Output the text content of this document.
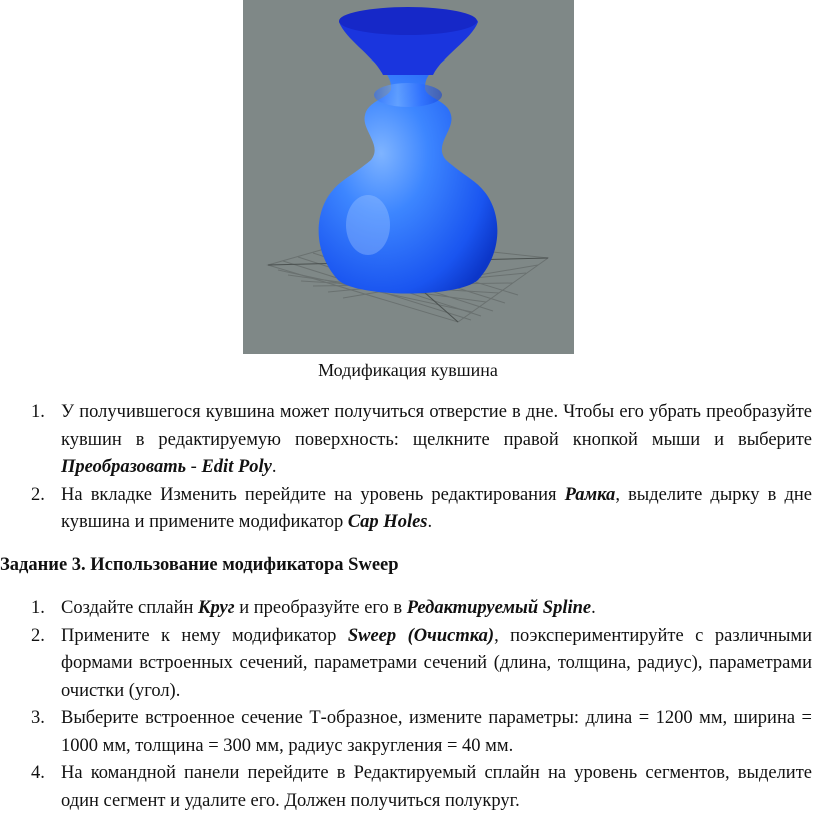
Модификация кувшина
1. У получившегося кувшина может получиться отверстие в дне. Чтобы его убрать преобразуйте кувшин в редактируемую поверхность: щелкните правой кнопкой мыши и выберите Преобразовать - Edit Poly.
2. На вкладке Изменить перейдите на уровень редактирования Рамка, выделите дырку в дне кувшина и примените модификатор Cap Holes.
Задание 3. Использование модификатора Sweep
1. Создайте сплайн Круг и преобразуйте его в Редактируемый Spline.
2. Примените к нему модификатор Sweep (Очистка), поэкспериментируйте с различными формами встроенных сечений, параметрами сечений (длина, толщина, радиус), параметрами очистки (угол).
3. Выберите встроенное сечение Т-образное, измените параметры: длина = 1200 мм, ширина = 1000 мм, толщина = 300 мм, радиус закругления = 40 мм.
4. На командной панели перейдите в Редактируемый сплайн на уровень сегментов, выделите один сегмент и удалите его. Должен получиться полукруг.
